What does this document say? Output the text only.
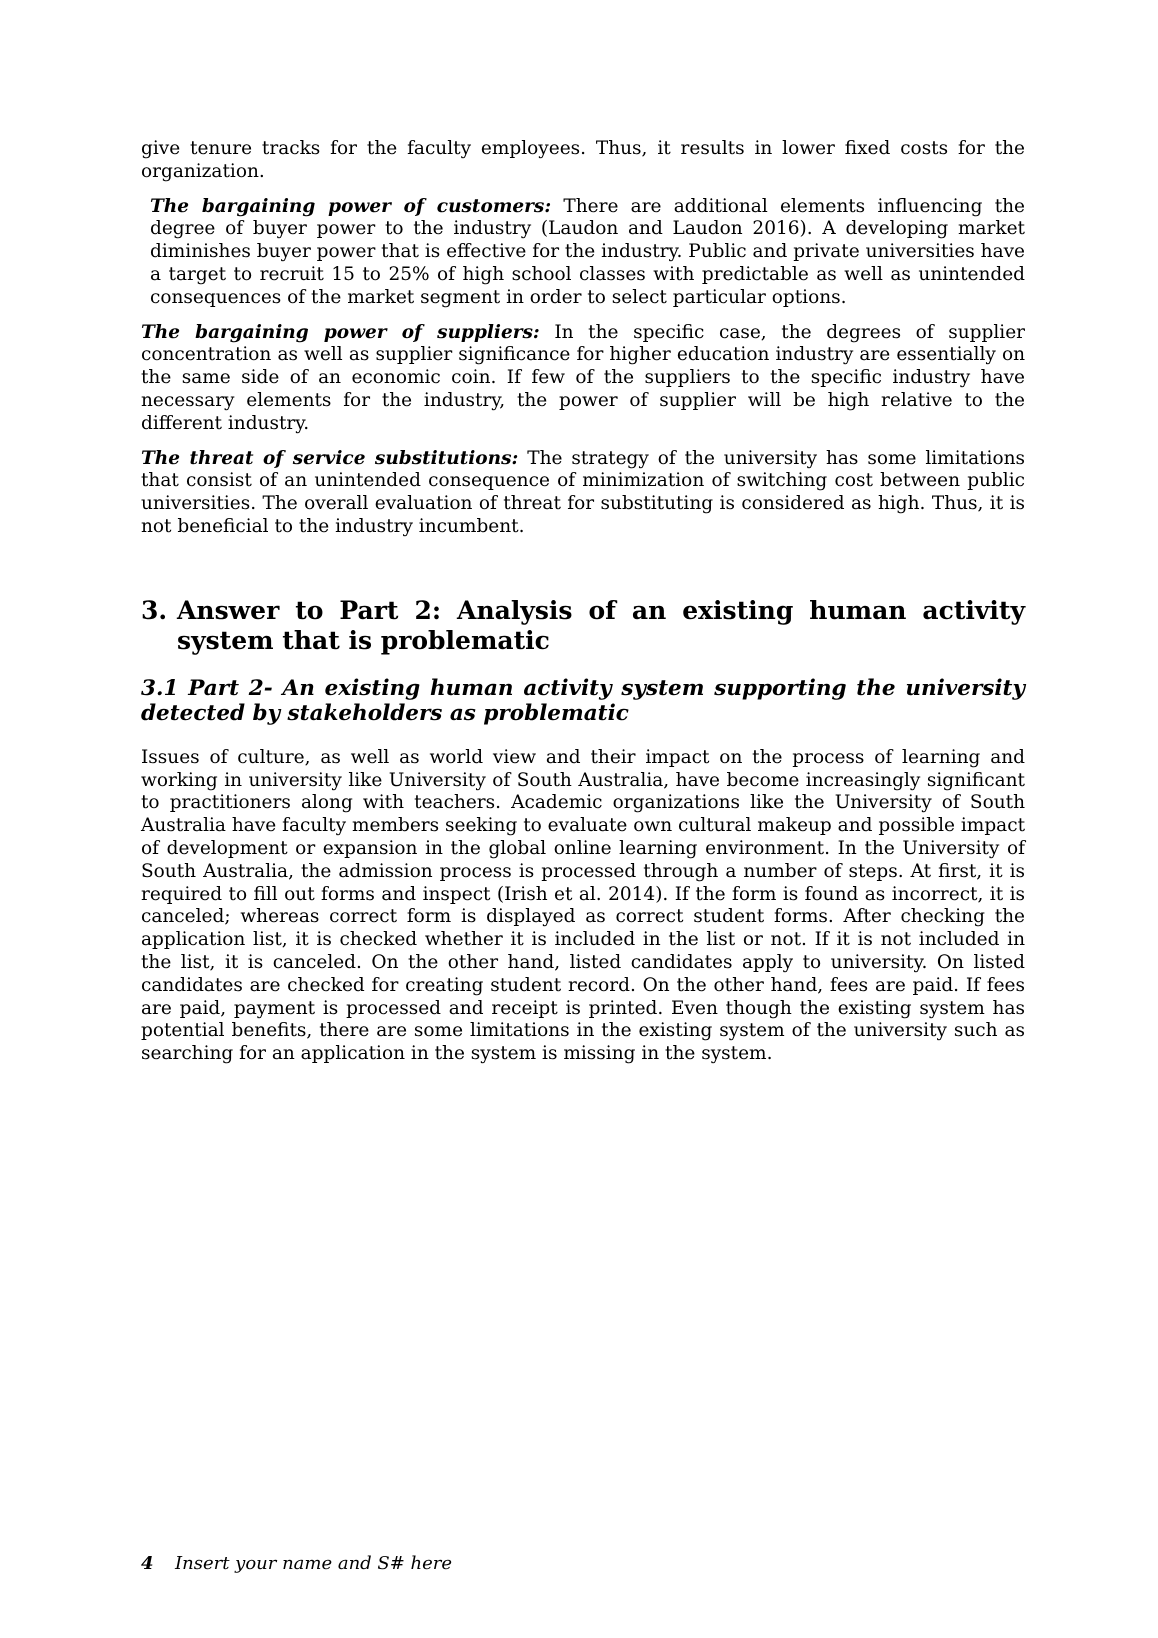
give tenure tracks for the faculty employees. Thus, it results in lower fixed costs for the organization.

The bargaining power of customers: There are additional elements influencing the degree of buyer power to the industry (Laudon and Laudon 2016). A developing market diminishes buyer power that is effective for the industry. Public and private universities have a target to recruit 15 to 25% of high school classes with predictable as well as unintended consequences of the market segment in order to select particular options.

The bargaining power of suppliers: In the specific case, the degrees of supplier concentration as well as supplier significance for higher education industry are essentially on the same side of an economic coin. If few of the suppliers to the specific industry have necessary elements for the industry, the power of supplier will be high relative to the different industry.

The threat of service substitutions: The strategy of the university has some limitations that consist of an unintended consequence of minimization of switching cost between public universities. The overall evaluation of threat for substituting is considered as high. Thus, it is not beneficial to the industry incumbent.

3. Answer to Part 2: Analysis of an existing human activity system that is problematic
3.1 Part 2- An existing human activity system supporting the university detected by stakeholders as problematic

Issues of culture, as well as world view and their impact on the process of learning and working in university like University of South Australia, have become increasingly significant to practitioners along with teachers. Academic organizations like the University of South Australia have faculty members seeking to evaluate own cultural makeup and possible impact of development or expansion in the global online learning environment. In the University of South Australia, the admission process is processed through a number of steps. At first, it is required to fill out forms and inspect (Irish et al. 2014). If the form is found as incorrect, it is canceled; whereas correct form is displayed as correct student forms. After checking the application list, it is checked whether it is included in the list or not. If it is not included in the list, it is canceled. On the other hand, listed candidates apply to university. On listed candidates are checked for creating student record. On the other hand, fees are paid. If fees are paid, payment is processed and receipt is printed. Even though the existing system has potential benefits, there are some limitations in the existing system of the university such as searching for an application in the system is missing in the system.

4	Insert your name and S# here
